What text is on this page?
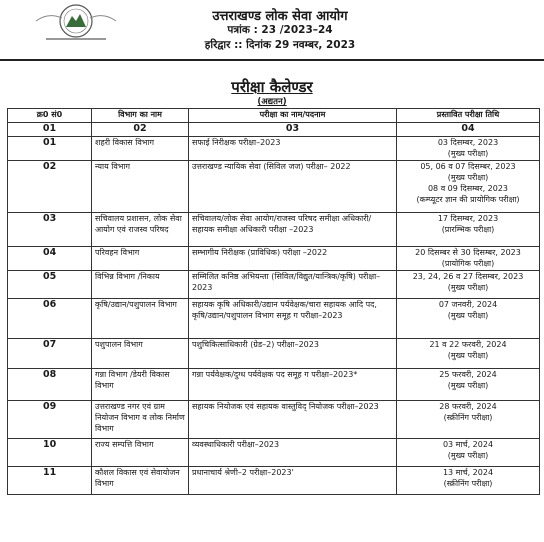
उत्तराखण्ड लोक सेवा आयोग
पत्रांक : 23 /2023–24
हरिद्वार :: दिनांक 29 नवम्बर, 2023
परीक्षा कैलेण्डर
(अद्यतन)
क्र0 सं0	विभाग का नाम	परीक्षा का नाम/पदनाम	प्रस्तावित परीक्षा तिथि
01	02	03	04
01	शहरी विकास विभाग	सफाई निरीक्षक परीक्षा–2023	03 दिसम्बर, 2023
(मुख्य परीक्षा)

02	न्याय विभाग	उत्तराखण्ड न्यायिक सेवा (सिविल जज) परीक्षा– 2022	05, 06 व 07 दिसम्बर, 2023
(मुख्य परीक्षा)
08 व 09 दिसम्बर, 2023
(कम्प्यूटर ज्ञान की प्रायोगिक परीक्षा)

03	सचिवालय प्रशासन, लोक सेवा आयोग एवं राजस्व परिषद	सचिवालय/लोक सेवा आयोग/राजस्व परिषद समीक्षा अधिकारी/सहायक समीक्षा अधिकारी परीक्षा –2023	17 दिसम्बर, 2023
(प्रारम्भिक परीक्षा)

04	परिवहन विभाग	सम्भागीय निरीक्षक (प्राविधिक) परीक्षा –2022	20 दिसम्बर से 30 दिसम्बर, 2023
(प्रायोगिक परीक्षा)

05	विभिन्न विभाग /निकाय	सम्मिलित कनिष्ठ अभियन्ता (सिविल/विद्युत/यान्त्रिक/कृषि) परीक्षा–2023	23, 24, 26 व 27 दिसम्बर, 2023
(मुख्य परीक्षा)

06	कृषि/उद्यान/पशुपालन विभाग	सहायक कृषि अधिकारी/उद्यान पर्यवेक्षक/चारा सहायक आदि पद, कृषि/उद्यान/पशुपालन विभाग समूह ग परीक्षा–2023	07 जनवरी, 2024
(मुख्य परीक्षा)

07	पशुपालन विभाग	पशुचिकित्साधिकारी (ग्रेड–2) परीक्षा–2023	21 व 22 फरवरी, 2024
(मुख्य परीक्षा)

08	गन्ना विभाग /डेयरी विकास विभाग	गन्ना पर्यवेक्षक/दुग्ध पर्यवेक्षक पद समूह ग परीक्षा–2023*	25 फरवरी, 2024
(मुख्य परीक्षा)

09	उत्तराखण्ड नगर एवं ग्राम नियोजन विभाग व लोक निर्माण विभाग	सहायक नियोजक एवं सहायक वास्तुविद् नियोजक परीक्षा–2023	28 फरवरी, 2024
(स्क्रीनिंग परीक्षा)

10	राज्य सम्पत्ति विभाग	व्यवस्थाधिकारी परीक्षा–2023	03 मार्च, 2024
(मुख्य परीक्षा)

11	कौशल विकास एवं सेवायोजन विभाग	प्रधानाचार्य श्रेणी–2 परीक्षा–2023'	13 मार्च, 2024
(स्क्रीनिंग परीक्षा)
